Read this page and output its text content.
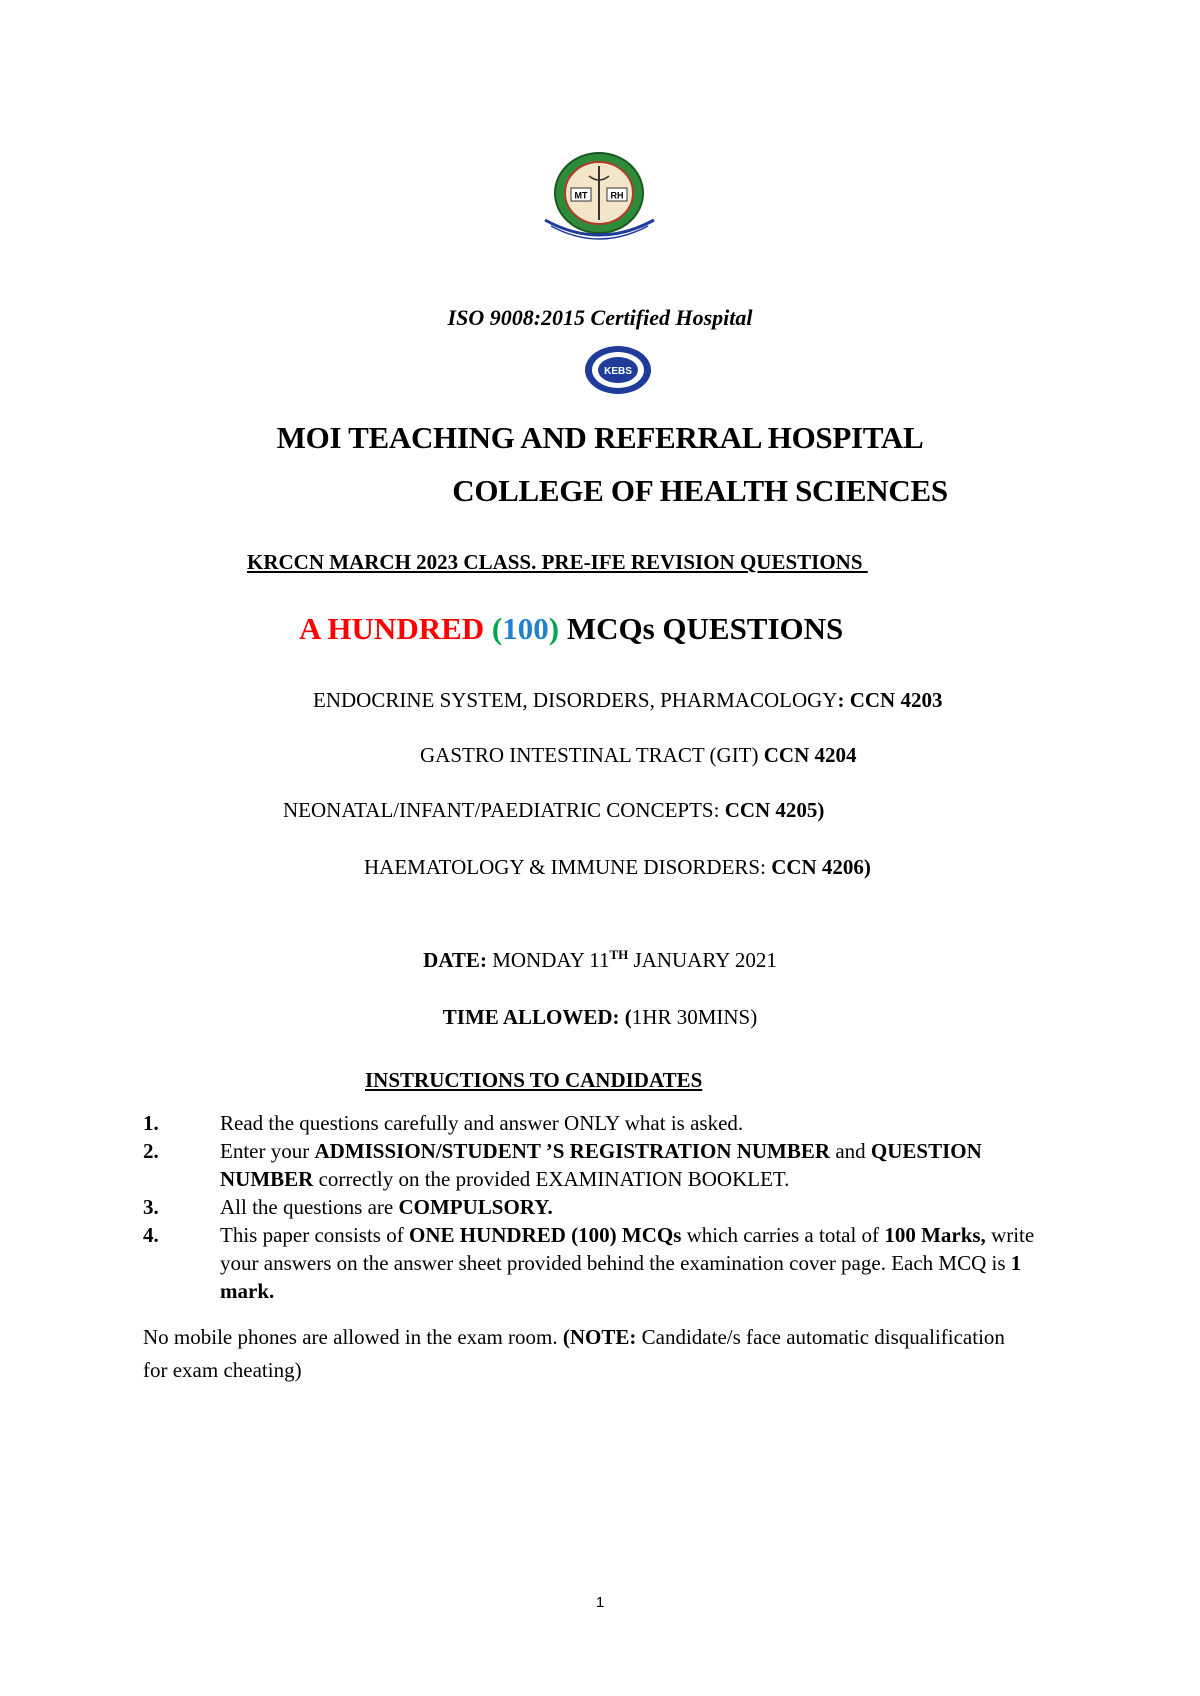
MT	RH
ISO 9008:2015 Certified Hospital
KEBS
MOI TEACHING AND REFERRAL HOSPITAL
COLLEGE OF HEALTH SCIENCES
KRCCN MARCH 2023 CLASS. PRE-IFE REVISION QUESTIONS
A HUNDRED (100) MCQs QUESTIONS
ENDOCRINE SYSTEM, DISORDERS, PHARMACOLOGY: CCN 4203
GASTRO INTESTINAL TRACT (GIT) CCN 4204
NEONATAL/INFANT/PAEDIATRIC CONCEPTS: CCN 4205)
HAEMATOLOGY & IMMUNE DISORDERS: CCN 4206)
DATE: MONDAY 11TH JANUARY 2021
TIME ALLOWED: (1HR 30MINS)
INSTRUCTIONS TO CANDIDATES
1.	Read the questions carefully and answer ONLY what is asked.
2.	Enter your ADMISSION/STUDENT ’S REGISTRATION NUMBER and QUESTION NUMBER correctly on the provided EXAMINATION BOOKLET.
3.	All the questions are COMPULSORY.
4.	This paper consists of ONE HUNDRED (100) MCQs which carries a total of 100 Marks, write your answers on the answer sheet provided behind the examination cover page. Each MCQ is 1 mark.
No mobile phones are allowed in the exam room. (NOTE: Candidate/s face automatic disqualification for exam cheating)
1
